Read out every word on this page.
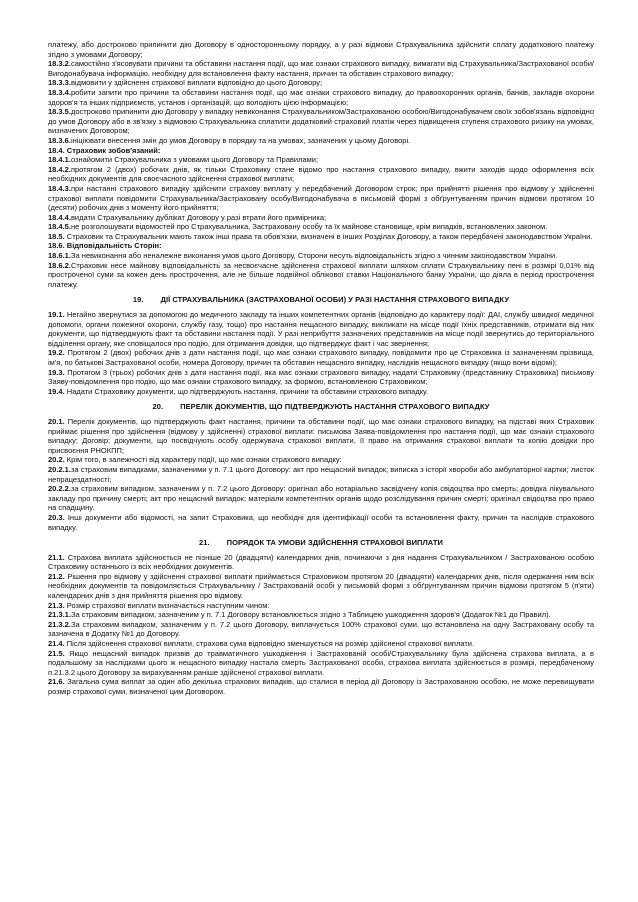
платежу, або достроково припинити дію Договору в односторонньому порядку, а у разі відмови Страхувальника здійснити сплату додаткового платежу згідно з умовами Договору;

18.3.2.самостійно з'ясовувати причини та обставини настання події, що має ознаки страхового випадку, вимагати від Страхувальника/Застрахованої особи/Вигодонабувача інформацію, необхідну для встановлення факту настання, причин та обставин страхового випадку;

18.3.3.відмовити у здійсненні страхової виплати відповідно до цього Договору;

18.3.4.робити запити про причини та обставини настання події, що має ознаки страхового випадку, до правоохоронних органів, банків, закладів охорони здоров'я та інших підприємств, установ і організацій, що володіють цією інформацією;

18.3.5.достроково припинити дію Договору у випадку невиконання Страхувальником/Застрахованою особою/Вигодонабувачем своїх зобов'язань відповідно до умов Договору або в зв'язку з відмовою Страхувальника сплатити додатковий страховий платіж через підвищення ступеня страхового ризику на умовах, визначених Договором;

18.3.6.ініціювати внесення змін до умов Договору в порядку та на умовах, зазначених у цьому Договорі.

18.4. Страховик зобов'язаний:

18.4.1.ознайомити Страхувальника з умовами цього Договору та Правилами;

18.4.2.протягом 2 (двох) робочих днів, як тільки Страховику стане відомо про настання страхового випадку, вжити заходів щодо оформлення всіх необхідних документів для своєчасного здійснення страхової виплати;

18.4.3.при настанні страхового випадку здійснити страхову виплату у передбачений Договором строк; при прийнятті рішення про відмову у здійсненні страхової виплати повідомити Страхувальника/Застраховану особу/Вигодонабувача в письмовій формі з обґрунтуванням причин відмови протягом 10 (десяти) робочих днів з моменту його прийняття;

18.4.4.видати Страхувальнику дублікат Договору у разі втрати його примірника;

18.4.5.не розголошувати відомостей про Страхувальника, Застраховану особу та їх майнове становище, крім випадків, встановлених законом.

18.5. Страховик та Страхувальник мають також інші права та обов'язки, визначені в інших Розділах Договору, а також передбачені законодавством України.

18.6. Відповідальність Сторін:

18.6.1.За невиконання або неналежне виконання умов цього Договору, Сторони несуть відповідальність згідно з чинним законодавством України.

18.6.2.Страховик несе майнову відповідальність за несвоєчасне здійснення страхової виплати шляхом сплати Страхувальнику пені в розмірі 0,01% від простроченої суми за кожен день прострочення, але не більше подвійної облікової ставки Національного банку України, що діяла в період прострочення платежу.

19.        ДІЇ СТРАХУВАЛЬНИКА (ЗАСТРАХОВАНОЇ ОСОБИ) У РАЗІ НАСТАННЯ СТРАХОВОГО ВИПАДКУ

19.1. Негайно звернутися за допомогою до медичного закладу та інших компетентних органів (відповідно до характеру події: ДАІ, службу швидкої медичної допомоги, органи пожежної охорони, службу газу, тощо) про настання нещасного випадку, викликати на місце події їхніх представників, отримати від них документи, що підтверджують факт та обставини настання події. У разі неприбуття зазначених представників на місце події звернутись до територіального відділення органу, яке сповіщалося про подію, для отримання довідки, що підтверджує факт і час звернення;

19.2. Протягом 2 (двох) робочих днів з дати настання події, що має ознаки страхового випадку, повідомити про це Страховика із зазначенням прізвища, ім'я, по батькові Застрахованої особи, номера Договору, причин та обставин нещасного випадку, наслідків нещасного випадку (якщо вони відомі);

19.3. Протягом 3 (трьох) робочих днів з дати настання події, яка має ознаки страхового випадку, надати Страховику (представнику Страховика) письмову Заяву-повідомлення про подію, що має ознаки страхового випадку, за формою, встановленою Страховиком;

19.4. Надати Страховику документи, що підтверджують настання, причини та обставини страхового випадку.

20.        ПЕРЕЛІК ДОКУМЕНТІВ, ЩО ПІДТВЕРДЖУЮТЬ НАСТАННЯ СТРАХОВОГО ВИПАДКУ

20.1. Перелік документів, що підтверджують факт настання, причини та обставини події, що має ознаки страхового випадку, на підставі яких Страховик приймає рішення про здійснення (відмову у здійсненні) страхової виплати: письмова Заява-повідомлення про настання події, що має ознаки страхового випадку; Договір; документи, що посвідчують особу одержувача страхової виплати, її право на отримання страхової виплати та копію довідки про присвоєння РНОКПП;

20.2. Крім того, в залежності від характеру події, що має ознаки страхового випадку:

20.2.1.за страховим випадками, зазначеними у п. 7.1 цього Договору: акт про нещасний випадок; виписка з історії хвороби або амбулаторної картки; листок непрацездатності;

20.2.2.за страховим випадком, зазначеним у п. 7.2 цього Договору: оригінал або нотаріально засвідчену копія свідоцтва про смерть; довідка лікувального закладу про причину смерті; акт про нещасний випадок; матеріали компетентних органів щодо розслідування причин смерті; оригінал свідоцтва про право на спадщину.

20.3. Інші документи або відомості, на запит Страховика, що необхідні для ідентифікації особи та встановлення факту, причин та наслідків страхового випадку.

21.        ПОРЯДОК ТА УМОВИ ЗДІЙСНЕННЯ СТРАХОВОЇ ВИПЛАТИ

21.1. Страхова виплата здійснюється не пізніше 20 (двадцяти) календарних днів, починаючи з дня надання Страхувальником / Застрахованою особою Страховику останнього із всіх необхідних документів.

21.2. Рішення про відмову у здійсненні страхової виплати приймається Страховиком протягом 20 (двадцяти) календарних днів, після одержання ним всіх необхідних документів та повідомляється Страхувальнику / Застрахованій особі у письмовій формі з обґрунтуванням причин відмови протягом 5 (п'яти) календарних днів з дня прийняття рішення про відмову.

21.3. Розмір страхової виплати визначається наступним чином:

21.3.1.За страховим випадком, зазначеним у п. 7.1 Договору встановлюється згідно з Таблицею ушкодження здоров'я (Додаток №1 до Правил).

21.3.2.За страховим випадком, зазначеним у п. 7.2 цього Договору, виплачується 100% страхової суми, що встановлена на одну Застраховану особу та зазначена в Додатку №1 до Договору.

21.4. Після здійснення страхової виплати, страхова сума відповідно зменшується на розмір здійсненої страхової виплати.

21.5. Якщо нещасний випадок призвів до травматичного ушкодження і Застрахованій особі/Страхувальнику була здійснена страхова виплата, а в подальшому за наслідками цього ж нещасного випадку настала смерть Застрахованої особи, страхова виплата здійснюється в розмірі, передбаченому п.21.3.2 цього Договору за вирахуванням раніше здійсненої страхової виплати.

21.6. Загальна сума виплат за один або декілька страхових випадків, що сталися в період дії Договору із Застрахованою особою, не може перевищувати розмір страхової суми, визначеної цим Договором.
